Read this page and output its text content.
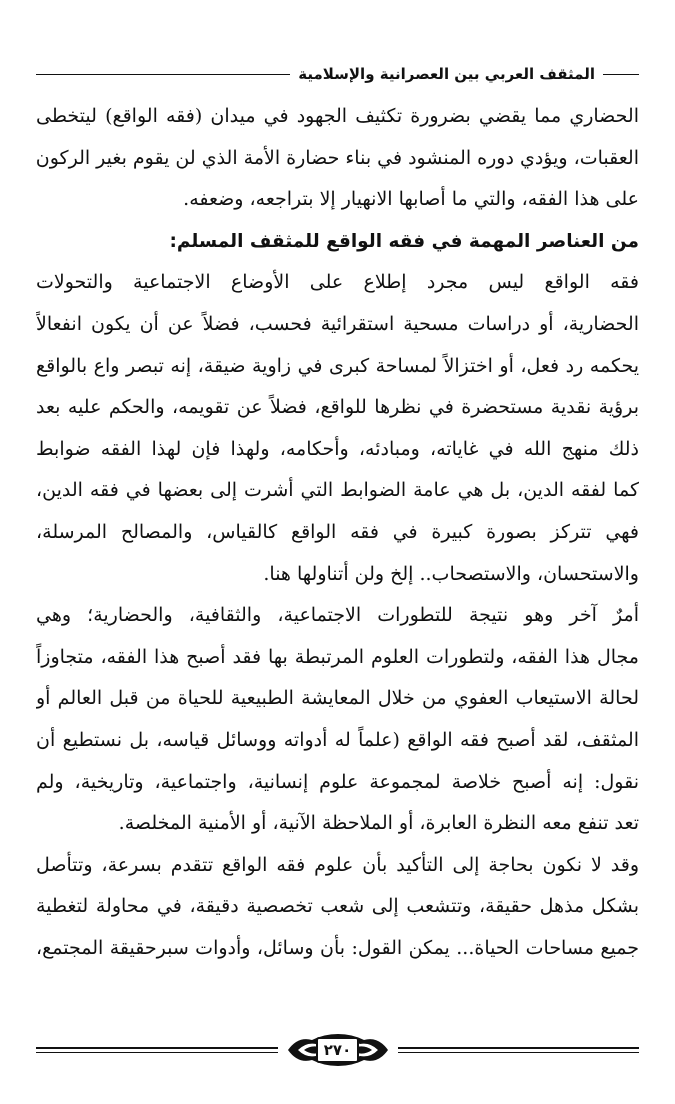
المثقف العربي بين العصرانية والإسلامية
الحضاري مما يقضي بضرورة تكثيف الجهود في ميدان (فقه الواقع) ليتخطى
العقبات، ويؤدي دوره المنشود في بناء حضارة الأمة الذي لن يقوم بغير الركون
على هذا الفقه، والتي ما أصابها الانهيار إلا بتراجعه، وضعفه.
من العناصر المهمة في فقه الواقع للمثقف المسلم:
فقه الواقع ليس مجرد إطلاع على الأوضاع الاجتماعية والتحولات
الحضارية، أو دراسات مسحية استقرائية فحسب، فضلاً عن أن يكون انفعالاً
يحكمه رد فعل، أو اختزالاً لمساحة كبرى في زاوية ضيقة، إنه تبصر واع بالواقع
برؤية نقدية مستحضرة في نظرها للواقع، فضلاً عن تقويمه، والحكم عليه بعد
ذلك منهج الله في غاياته، ومبادئه، وأحكامه، ولهذا فإن لهذا الفقه ضوابط
كما لفقه الدين، بل هي عامة الضوابط التي أشرت إلى بعضها في فقه الدين،
فهي تتركز بصورة كبيرة في فقه الواقع كالقياس، والمصالح المرسلة،
والاستحسان، والاستصحاب.. إلخ ولن أتناولها هنا.
أمرٌ آخر وهو نتيجة للتطورات الاجتماعية، والثقافية، والحضارية؛ وهي
مجال هذا الفقه، ولتطورات العلوم المرتبطة بها فقد أصبح هذا الفقه، متجاوزاً
لحالة الاستيعاب العفوي من خلال المعايشة الطبيعية للحياة من قبل العالم أو
المثقف، لقد أصبح فقه الواقع (علماً له أدواته ووسائل قياسه، بل نستطيع أن
نقول: إنه أصبح خلاصة لمجموعة علوم إنسانية، واجتماعية، وتاريخية، ولم
تعد تنفع معه النظرة العابرة، أو الملاحظة الآنية، أو الأمنية المخلصة.
وقد لا نكون بحاجة إلى التأكيد بأن علوم فقه الواقع تتقدم بسرعة، وتتأصل
بشكل مذهل حقيقة، وتتشعب إلى شعب تخصصية دقيقة، في محاولة لتغطية
جميع مساحات الحياة... يمكن القول: بأن وسائل، وأدوات سبرحقيقة المجتمع،
٢٧٠
